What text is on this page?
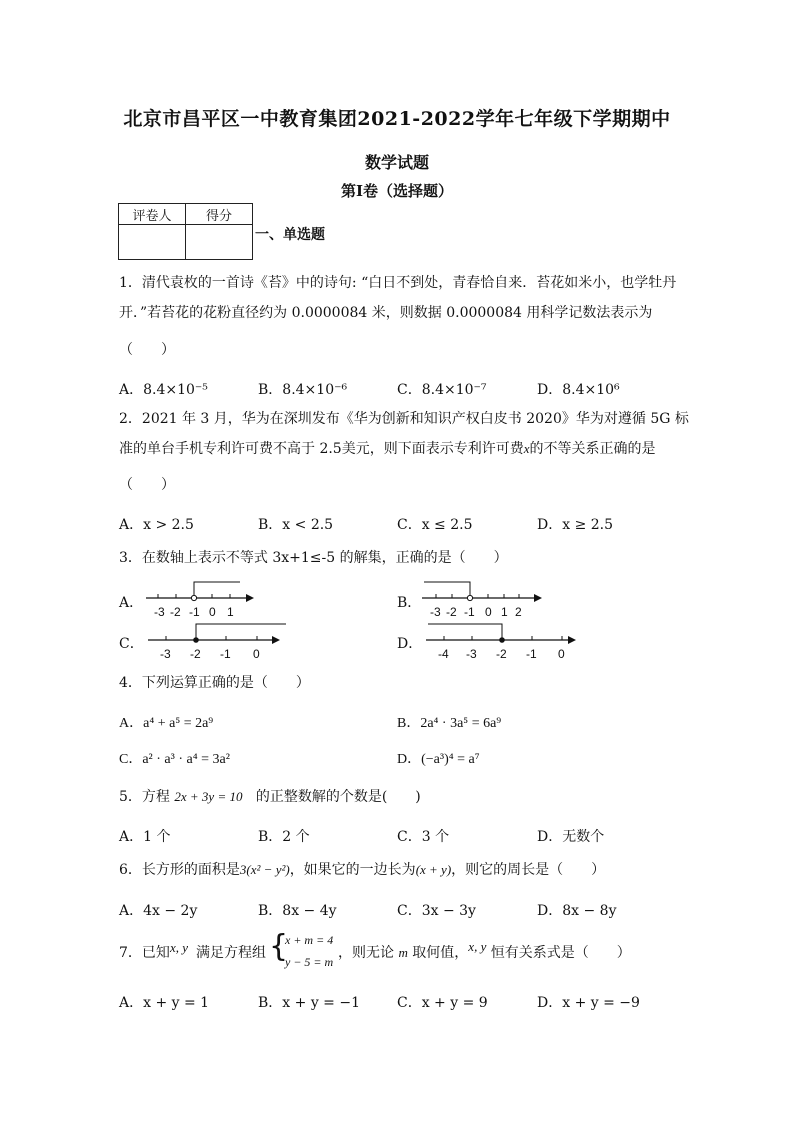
北京市昌平区一中教育集团2021-2022学年七年级下学期期中
数学试题
第I卷（选择题）
评卷人	得分

一、单选题
1．清代袁枚的一首诗《苔》中的诗句: “白日不到处，青春恰自来．苔花如米小，也学牡丹
开．”若苔花的花粉直径约为 0.0000084 米，则数据 0.0000084 用科学记数法表示为
（　　）
A．8.4×10⁻⁵	B．8.4×10⁻⁶	C．8.4×10⁻⁷	D．8.4×10⁶
2．2021 年 3 月，华为在深圳发布《华为创新和知识产权白皮书 2020》华为对遵循 5G 标
准的单台手机专利许可费不高于 2.5美元，则下面表示专利许可费x的不等关系正确的是
（　　）
A．x > 2.5	B．x < 2.5	C．x ≤ 2.5	D．x ≥ 2.5
3．在数轴上表示不等式 3x+1≤-5 的解集，正确的是（　　）
A．
-3 -2 -1 0 1
B．
-3 -2 -1 0 1 2
C．
-3 -2 -1 0
D．
-4 -3 -2 -1 0
4．下列运算正确的是（　　）
A．a⁴ + a⁵ = 2a⁹	B．2a⁴ · 3a⁵ = 6a⁹
C．a² · a³ · a⁴ = 3a²	D．(−a³)⁴ = a⁷
5．方程 2x + 3y = 10 的正整数解的个数是(　　)
A．1 个	B．2 个	C．3 个	D．无数个
6．长方形的面积是3(x² − y²)，如果它的一边长为(x + y)，则它的周长是（　　）
A．4x − 2y	B．8x − 4y	C．3x − 3y	D．8x − 8y
7．已知 x, y 满足方程组 {
x + m = 4
y − 5 = m
，则无论 m 取何值，x, y 恒有关系式是（　　）
A．x + y = 1	B．x + y = −1	C．x + y = 9	D．x + y = −9
